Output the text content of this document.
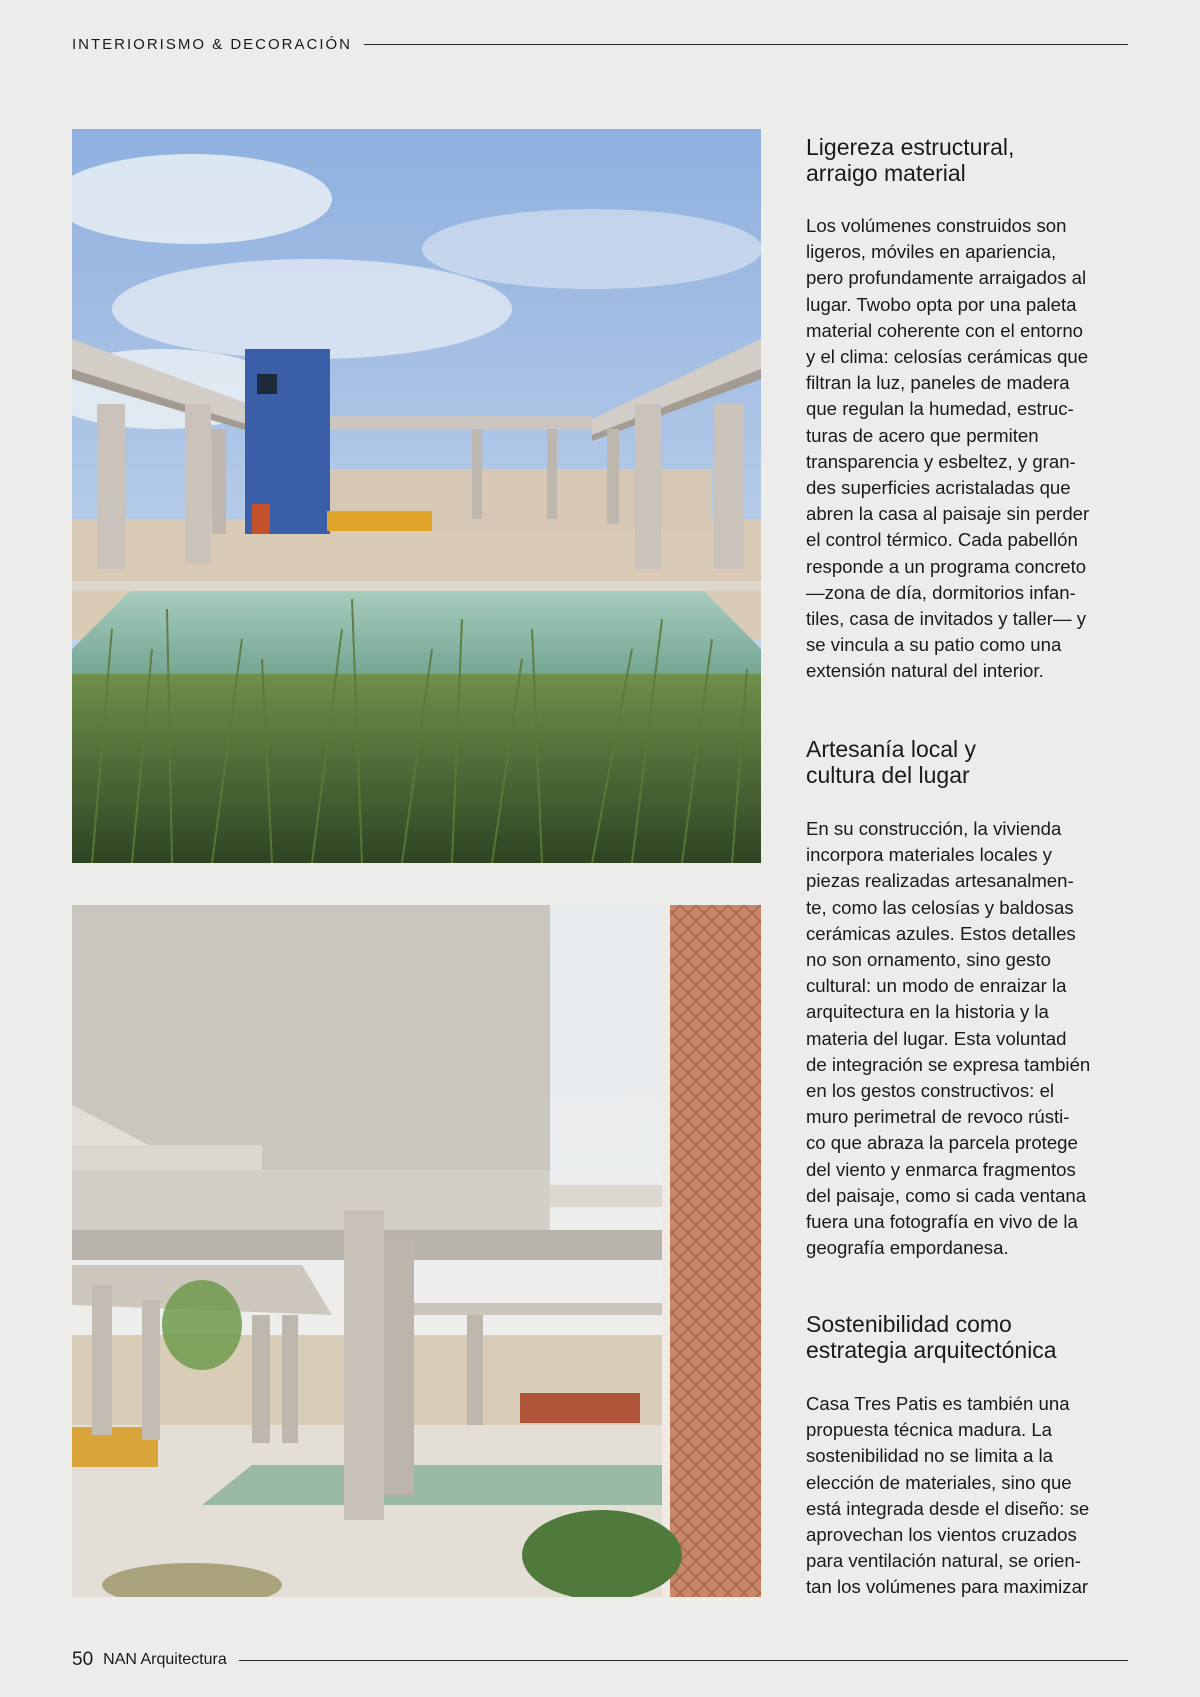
INTERIORISMO & DECORACIÓN
Ligereza estructural,
arraigo material

Los volúmenes construidos son
ligeros, móviles en apariencia,
pero profundamente arraigados al
lugar. Twobo opta por una paleta
material coherente con el entorno
y el clima: celosías cerámicas que
filtran la luz, paneles de madera
que regulan la humedad, estruc-
turas de acero que permiten
transparencia y esbeltez, y gran-
des superficies acristaladas que
abren la casa al paisaje sin perder
el control térmico. Cada pabellón
responde a un programa concreto
—zona de día, dormitorios infan-
tiles, casa de invitados y taller— y
se vincula a su patio como una
extensión natural del interior.

Artesanía local y
cultura del lugar

En su construcción, la vivienda
incorpora materiales locales y
piezas realizadas artesanalmen-
te, como las celosías y baldosas
cerámicas azules. Estos detalles
no son ornamento, sino gesto
cultural: un modo de enraizar la
arquitectura en la historia y la
materia del lugar. Esta voluntad
de integración se expresa también
en los gestos constructivos: el
muro perimetral de revoco rústi-
co que abraza la parcela protege
del viento y enmarca fragmentos
del paisaje, como si cada ventana
fuera una fotografía en vivo de la
geografía empordanesa.

Sostenibilidad como
estrategia arquitectónica

Casa Tres Patis es también una
propuesta técnica madura. La
sostenibilidad no se limita a la
elección de materiales, sino que
está integrada desde el diseño: se
aprovechan los vientos cruzados
para ventilación natural, se orien-
tan los volúmenes para maximizar

50 NAN Arquitectura
